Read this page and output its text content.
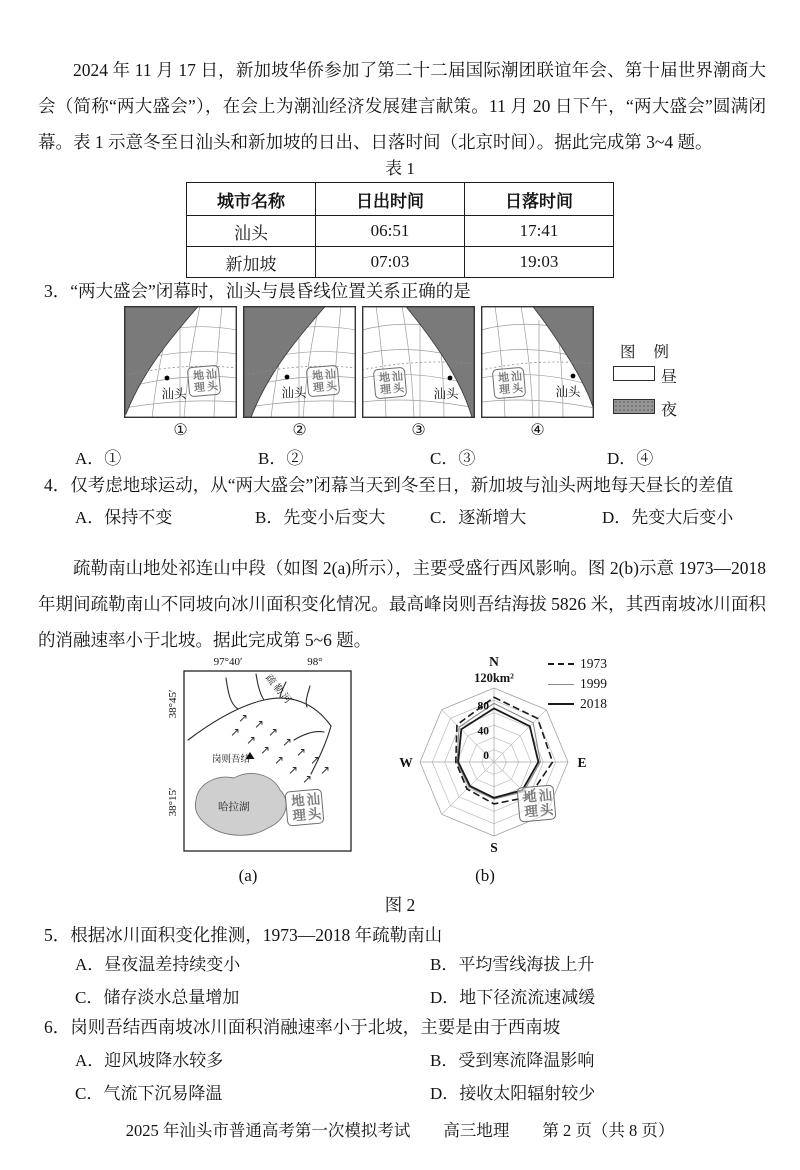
2024 年 11 月 17 日，新加坡华侨参加了第二十二届国际潮团联谊年会、第十届世界潮商大会（简称“两大盛会”），在会上为潮汕经济发展建言献策。11 月 20 日下午，“两大盛会”圆满闭幕。表 1 示意冬至日汕头和新加坡的日出、日落时间（北京时间）。据此完成第 3~4 题。

表 1
城市名称	日出时间	日落时间
汕头	06:51	17:41
新加坡	07:03	19:03
3．“两大盛会”闭幕时，汕头与晨昏线位置关系正确的是
汕头 地理
汕头
汕头 地理
汕头
汕头
地理
汕头	汕头
地理
汕头
图 例
昼
夜
①	②	③	④
A．①	B．②	C．③	D．④
4．仅考虑地球运动，从“两大盛会”闭幕当天到冬至日，新加坡与汕头两地每天昼长的差值
A．保持不变	B．先变小后变大	C．逐渐增大	D．先变大后变小

疏勒南山地处祁连山中段（如图 2(a)所示），主要受盛行西风影响。图 2(b)示意 1973—2018 年期间疏勒南山不同坡向冰川面积变化情况。最高峰岗则吾结海拔 5826 米，其西南坡冰川面积的消融速率小于北坡。据此完成第 5~6 题。

97°40′	98°
38°45′
38°15′
疏勒河
↗ ↗
↗
↗
↗
↗
↗
↗
↗
↗
↗
↗
↗
岗则吾结
哈拉湖	地理
汕头
0
40
80
N
E
S
W
120km²
1973
1999
2018
地理
汕头
(a)	(b)
图 2
5．根据冰川面积变化推测，1973—2018 年疏勒南山
A．昼夜温差持续变小	B．平均雪线海拔上升
C．储存淡水总量增加	D．地下径流流速减缓
6．岗则吾结西南坡冰川面积消融速率小于北坡，主要是由于西南坡
A．迎风坡降水较多	B．受到寒流降温影响
C．气流下沉易降温	D．接收太阳辐射较少
2025 年汕头市普通高考第一次模拟考试　　高三地理　　第 2 页（共 8 页）
